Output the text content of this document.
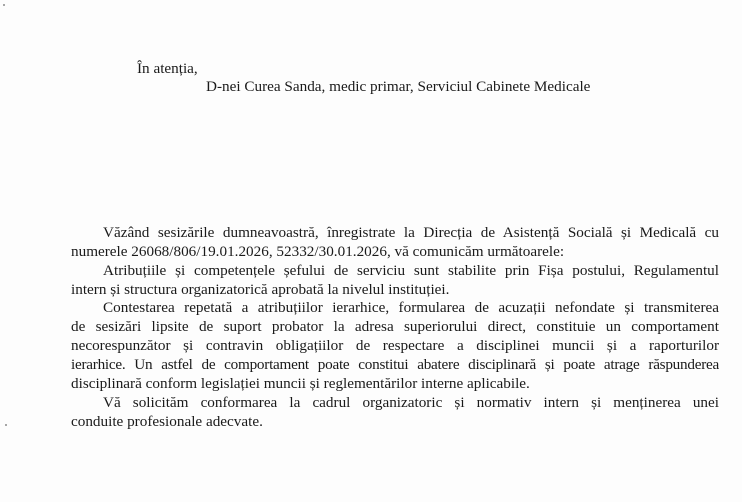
În atenția,

D-nei Curea Sanda, medic primar, Serviciul Cabinete Medicale

Văzând sesizările dumneavoastră, înregistrate la Direcția de Asistență Socială și Medicală cu

numerele 26068/806/19.01.2026, 52332/30.01.2026, vă comunicăm următoarele:

Atribuțiile și competențele șefului de serviciu sunt stabilite prin Fișa postului, Regulamentul

intern și structura organizatorică aprobată la nivelul instituției.

Contestarea repetată a atribuțiilor ierarhice, formularea de acuzații nefondate și transmiterea

de sesizări lipsite de suport probator la adresa superiorului direct, constituie un comportament

necorespunzător și contravin obligațiilor de respectare a disciplinei muncii și a raporturilor

ierarhice. Un astfel de comportament poate constitui abatere disciplinară și poate atrage răspunderea

disciplinară conform legislației muncii și reglementărilor interne aplicabile.

Vă solicităm conformarea la cadrul organizatoric și normativ intern și menținerea unei

conduite profesionale adecvate.
